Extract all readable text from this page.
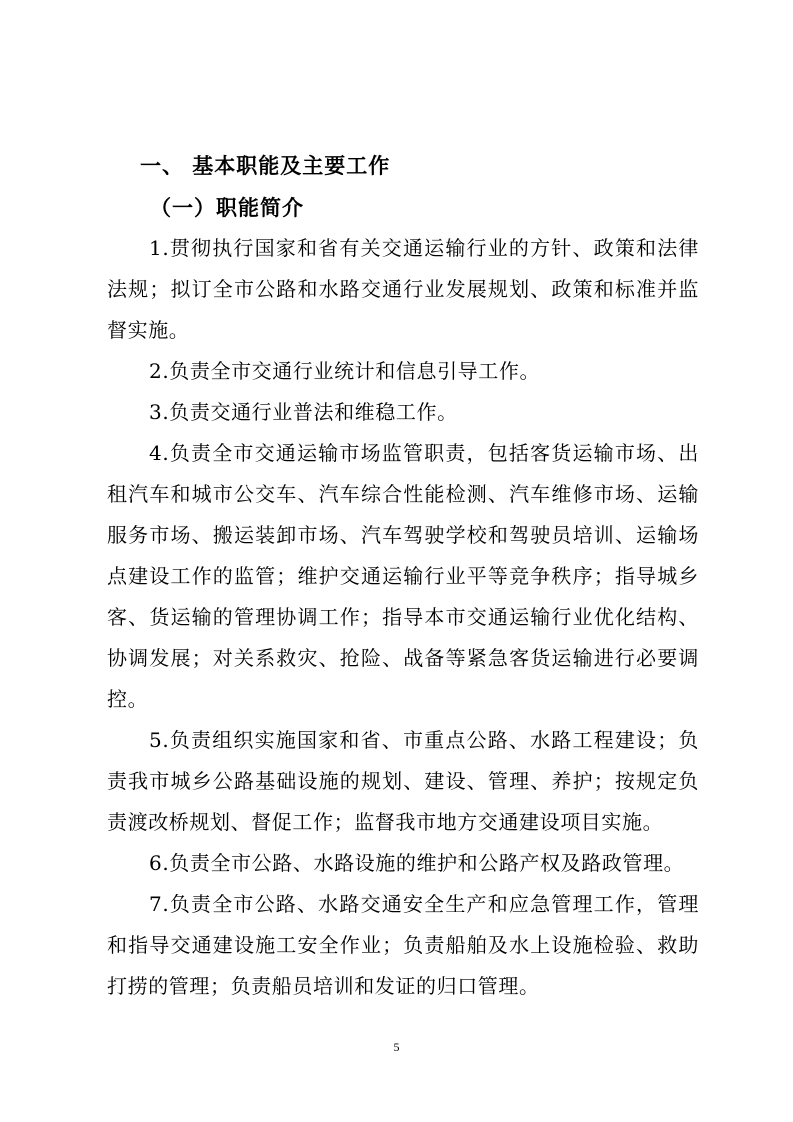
一、 基本职能及主要工作
（一）职能简介

1.贯彻执行国家和省有关交通运输行业的方针、政策和法律法规；拟订全市公路和水路交通行业发展规划、政策和标准并监督实施。

2.负责全市交通行业统计和信息引导工作。

3.负责交通行业普法和维稳工作。

4.负责全市交通运输市场监管职责，包括客货运输市场、出租汽车和城市公交车、汽车综合性能检测、汽车维修市场、运输服务市场、搬运装卸市场、汽车驾驶学校和驾驶员培训、运输场点建设工作的监管；维护交通运输行业平等竞争秩序；指导城乡客、货运输的管理协调工作；指导本市交通运输行业优化结构、协调发展；对关系救灾、抢险、战备等紧急客货运输进行必要调控。

5.负责组织实施国家和省、市重点公路、水路工程建设；负责我市城乡公路基础设施的规划、建设、管理、养护；按规定负责渡改桥规划、督促工作；监督我市地方交通建设项目实施。

6.负责全市公路、水路设施的维护和公路产权及路政管理。

7.负责全市公路、水路交通安全生产和应急管理工作，管理和指导交通建设施工安全作业；负责船舶及水上设施检验、救助打捞的管理；负责船员培训和发证的归口管理。

5
